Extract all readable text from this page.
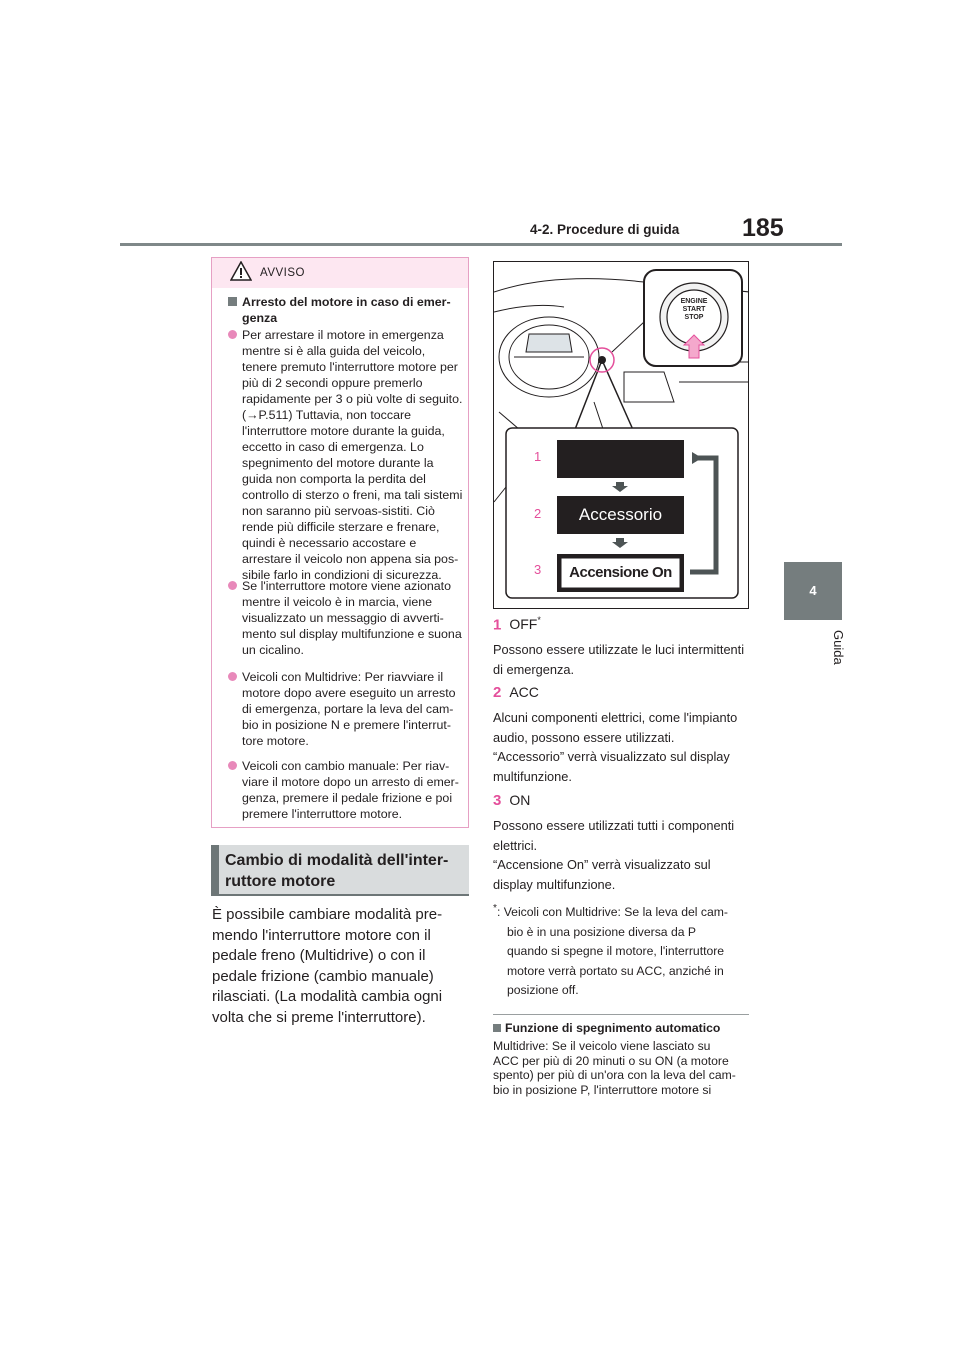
4-2. Procedure di guida	185
4
Guida
AVVISO
Arresto del motore in caso di emer-genza
Per arrestare il motore in emergenza mentre si è alla guida del veicolo, tenere premuto l'interruttore motore per più di 2 secondi oppure premerlo rapidamente per 3 o più volte di seguito. (→P.511) Tuttavia, non toccare l'interruttore motore durante la guida, eccetto in caso di emergenza. Lo spegnimento del motore durante la guida non comporta la perdita del controllo di sterzo o freni, ma tali sistemi non saranno più servoas-sistiti. Ciò rende più difficile sterzare e frenare, quindi è necessario accostare e arrestare il veicolo non appena sia pos-sibile farlo in condizioni di sicurezza.
Se l'interruttore motore viene azionato mentre il veicolo è in marcia, viene visualizzato un messaggio di avverti-mento sul display multifunzione e suona un cicalino.
Veicoli con Multidrive: Per riavviare il motore dopo avere eseguito un arresto di emergenza, portare la leva del cam-bio in posizione N e premere l'interrut-tore motore.
Veicoli con cambio manuale: Per riav-viare il motore dopo un arresto di emer-genza, premere il pedale frizione e poi premere l'interruttore motore.
Cambio di modalità dell'inter-ruttore motore
È possibile cambiare modalità pre-mendo l'interruttore motore con il pedale freno (Multidrive) o con il pedale frizione (cambio manuale) rilasciati. (La modalità cambia ogni volta che si preme l'interruttore).
ENGINE
START
STOP
Accessorio
Accensione On
1
2
3
1 OFF*
Possono essere utilizzate le luci intermittenti
di emergenza.
2 ACC
Alcuni componenti elettrici, come l'impianto
audio, possono essere utilizzati.
“Accessorio” verrà visualizzato sul display
multifunzione.
3 ON
Possono essere utilizzati tutti i componenti
elettrici.
“Accensione On” verrà visualizzato sul
display multifunzione.
*: Veicoli con Multidrive: Se la leva del cam-
bio è in una posizione diversa da P
quando si spegne il motore, l'interruttore
motore verrà portato su ACC, anziché in
posizione off.
Funzione di spegnimento automatico
Multidrive: Se il veicolo viene lasciato su
ACC per più di 20 minuti o su ON (a motore
spento) per più di un'ora con la leva del cam-
bio in posizione P, l'interruttore motore si
